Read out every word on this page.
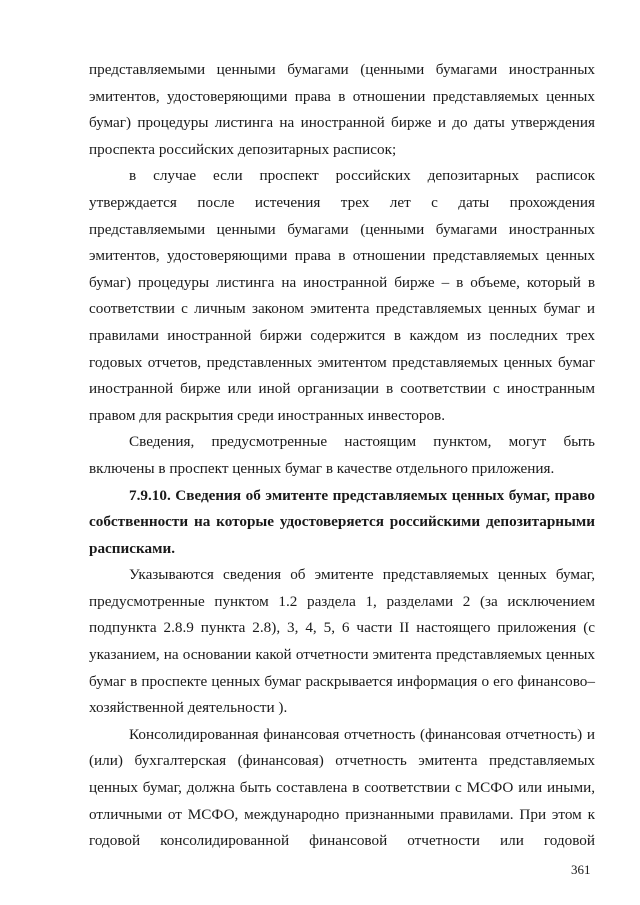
представляемыми ценными бумагами (ценными бумагами иностранных
эмитентов, удостоверяющими права в отношении представляемых ценных
бумаг) процедуры листинга на иностранной бирже и до даты утверждения
проспекта российских депозитарных расписок;
в случае если проспект российских депозитарных расписок
утверждается после истечения трех лет с даты прохождения
представляемыми ценными бумагами (ценными бумагами иностранных
эмитентов, удостоверяющими права в отношении представляемых ценных
бумаг) процедуры листинга на иностранной бирже – в объеме, который в
соответствии с личным законом эмитента представляемых ценных бумаг и
правилами иностранной биржи содержится в каждом из последних трех
годовых отчетов, представленных эмитентом представляемых ценных бумаг
иностранной бирже или иной организации в соответствии с иностранным
правом для раскрытия среди иностранных инвесторов.
Сведения, предусмотренные настоящим пунктом, могут быть
включены в проспект ценных бумаг в качестве отдельного приложения.
7.9.10. Сведения об эмитенте представляемых ценных бумаг, право
собственности на которые удостоверяется российскими депозитарными
расписками.
Указываются сведения об эмитенте представляемых ценных бумаг,
предусмотренные пунктом 1.2 раздела 1, разделами 2 (за исключением
подпункта 2.8.9 пункта 2.8), 3, 4, 5, 6 части II настоящего приложения (с
указанием, на основании какой отчетности эмитента представляемых ценных
бумаг в проспекте ценных бумаг раскрывается информация о его финансово–
хозяйственной деятельности ).
Консолидированная финансовая отчетность (финансовая отчетность) и
(или) бухгалтерская (финансовая) отчетность эмитента представляемых
ценных бумаг, должна быть составлена в соответствии с МСФО или иными,
отличными от МСФО, международно признанными правилами. При этом к
годовой консолидированной финансовой отчетности или годовой
361
